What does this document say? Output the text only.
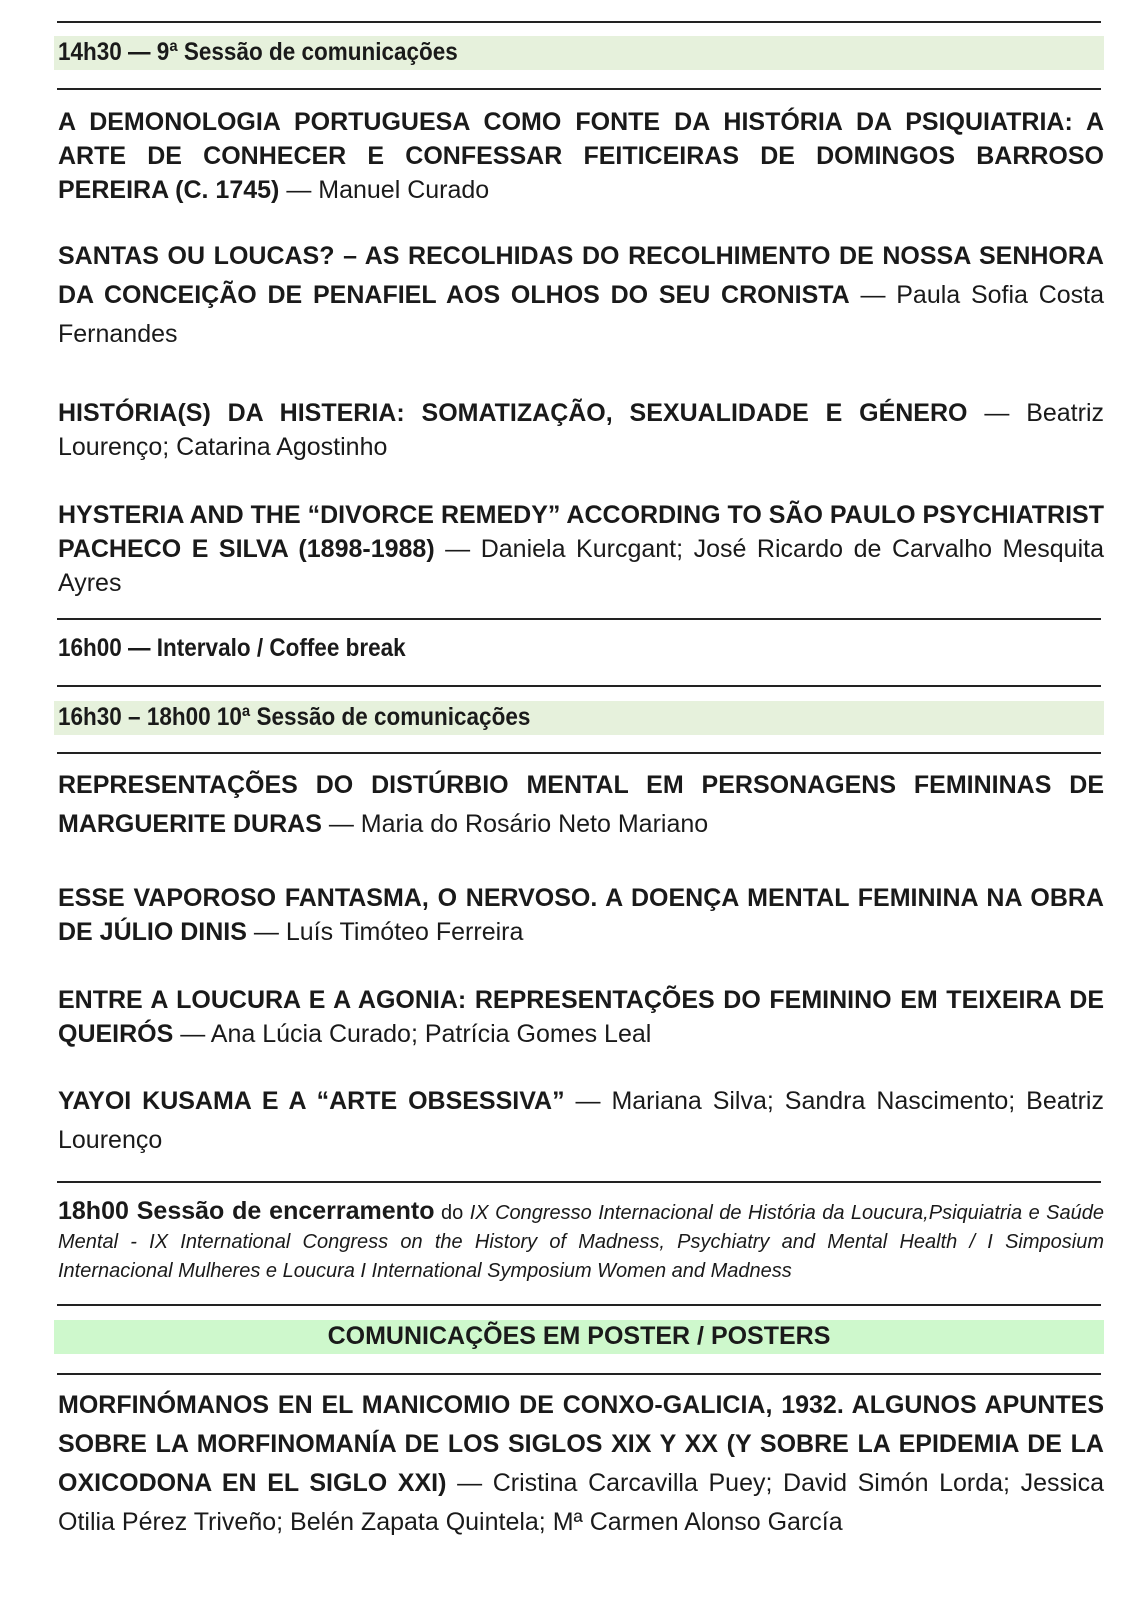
14h30 — 9ª Sessão de comunicações
A DEMONOLOGIA PORTUGUESA COMO FONTE DA HISTÓRIA DA PSIQUIATRIA: A ARTE DE CONHECER E CONFESSAR FEITICEIRAS DE DOMINGOS BARROSO PEREIRA (C. 1745) — Manuel Curado
SANTAS OU LOUCAS? – AS RECOLHIDAS DO RECOLHIMENTO DE NOSSA SENHORA DA CONCEIÇÃO DE PENAFIEL AOS OLHOS DO SEU CRONISTA — Paula Sofia Costa Fernandes
HISTÓRIA(S) DA HISTERIA: SOMATIZAÇÃO, SEXUALIDADE E GÉNERO — Beatriz Lourenço; Catarina Agostinho
HYSTERIA AND THE “DIVORCE REMEDY” ACCORDING TO SÃO PAULO PSYCHIATRIST PACHECO E SILVA (1898-1988) — Daniela Kurcgant; José Ricardo de Carvalho Mesquita Ayres
16h00 — Intervalo / Coffee break
16h30 – 18h00 10ª Sessão de comunicações
REPRESENTAÇÕES DO DISTÚRBIO MENTAL EM PERSONAGENS FEMININAS DE MARGUERITE DURAS — Maria do Rosário Neto Mariano
ESSE VAPOROSO FANTASMA, O NERVOSO. A DOENÇA MENTAL FEMININA NA OBRA DE JÚLIO DINIS — Luís Timóteo Ferreira
ENTRE A LOUCURA E A AGONIA: REPRESENTAÇÕES DO FEMININO EM TEIXEIRA DE QUEIRÓS — Ana Lúcia Curado; Patrícia Gomes Leal
YAYOI KUSAMA E A “ARTE OBSESSIVA” — Mariana Silva; Sandra Nascimento; Beatriz Lourenço
18h00 Sessão de encerramento do IX Congresso Internacional de História da Loucura,Psiquiatria e Saúde Mental - IX International Congress on the History of Madness, Psychiatry and Mental Health / I Simposium Internacional Mulheres e Loucura I International Symposium Women and Madness
COMUNICAÇÕES EM POSTER / POSTERS
MORFINÓMANOS EN EL MANICOMIO DE CONXO-GALICIA, 1932. ALGUNOS APUNTES SOBRE LA MORFINOMANÍA DE LOS SIGLOS XIX Y XX (Y SOBRE LA EPIDEMIA DE LA OXICODONA EN EL SIGLO XXI) — Cristina Carcavilla Puey; David Simón Lorda; Jessica Otilia Pérez Triveño; Belén Zapata Quintela; Mª Carmen Alonso García
